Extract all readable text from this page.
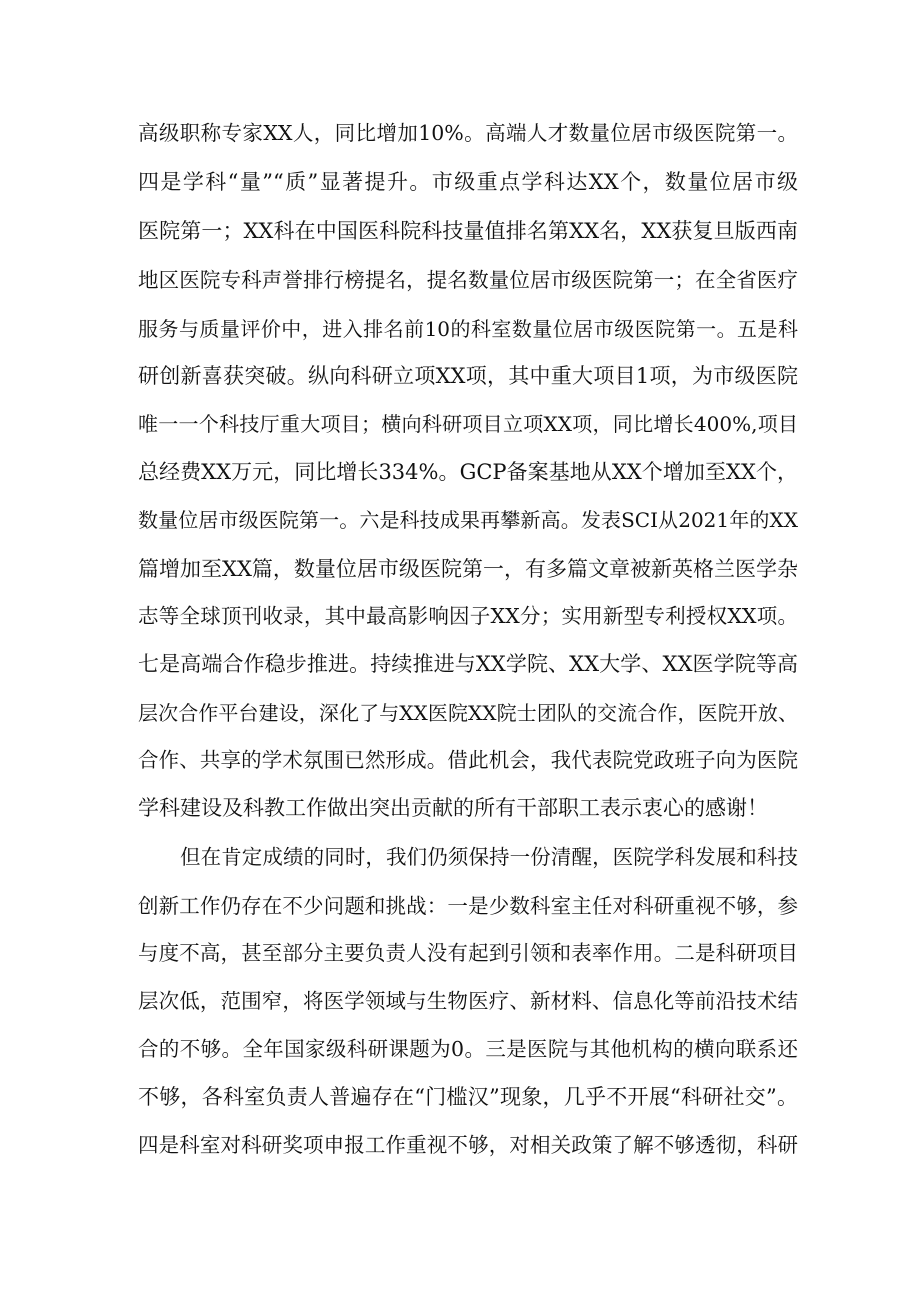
高级职称专家XX人，同比增加10%。高端人才数量位居市级医院第一。
四是学科“量”“质”显著提升。市级重点学科达XX个，数量位居市级
医院第一；XX科在中国医科院科技量值排名第XX名，XX获复旦版西南
地区医院专科声誉排行榜提名，提名数量位居市级医院第一；在全省医疗
服务与质量评价中，进入排名前10的科室数量位居市级医院第一。五是科
研创新喜获突破。纵向科研立项XX项，其中重大项目1项，为市级医院
唯一一个科技厅重大项目；横向科研项目立项XX项，同比增长400%,项目
总经费XX万元，同比增长334%。GCP备案基地从XX个增加至XX个，
数量位居市级医院第一。六是科技成果再攀新高。发表SCI从2021年的XX
篇增加至XX篇，数量位居市级医院第一，有多篇文章被新英格兰医学杂
志等全球顶刊收录，其中最高影响因子XX分；实用新型专利授权XX项。
七是高端合作稳步推进。持续推进与XX学院、XX大学、XX医学院等高
层次合作平台建设，深化了与XX医院XX院士团队的交流合作，医院开放、
合作、共享的学术氛围已然形成。借此机会，我代表院党政班子向为医院
学科建设及科教工作做出突出贡献的所有干部职工表示衷心的感谢！
但在肯定成绩的同时，我们仍须保持一份清醒，医院学科发展和科技
创新工作仍存在不少问题和挑战：一是少数科室主任对科研重视不够，参
与度不高，甚至部分主要负责人没有起到引领和表率作用。二是科研项目
层次低，范围窄，将医学领域与生物医疗、新材料、信息化等前沿技术结
合的不够。全年国家级科研课题为0。三是医院与其他机构的横向联系还
不够，各科室负责人普遍存在“门槛汉”现象，几乎不开展“科研社交”。
四是科室对科研奖项申报工作重视不够，对相关政策了解不够透彻，科研
